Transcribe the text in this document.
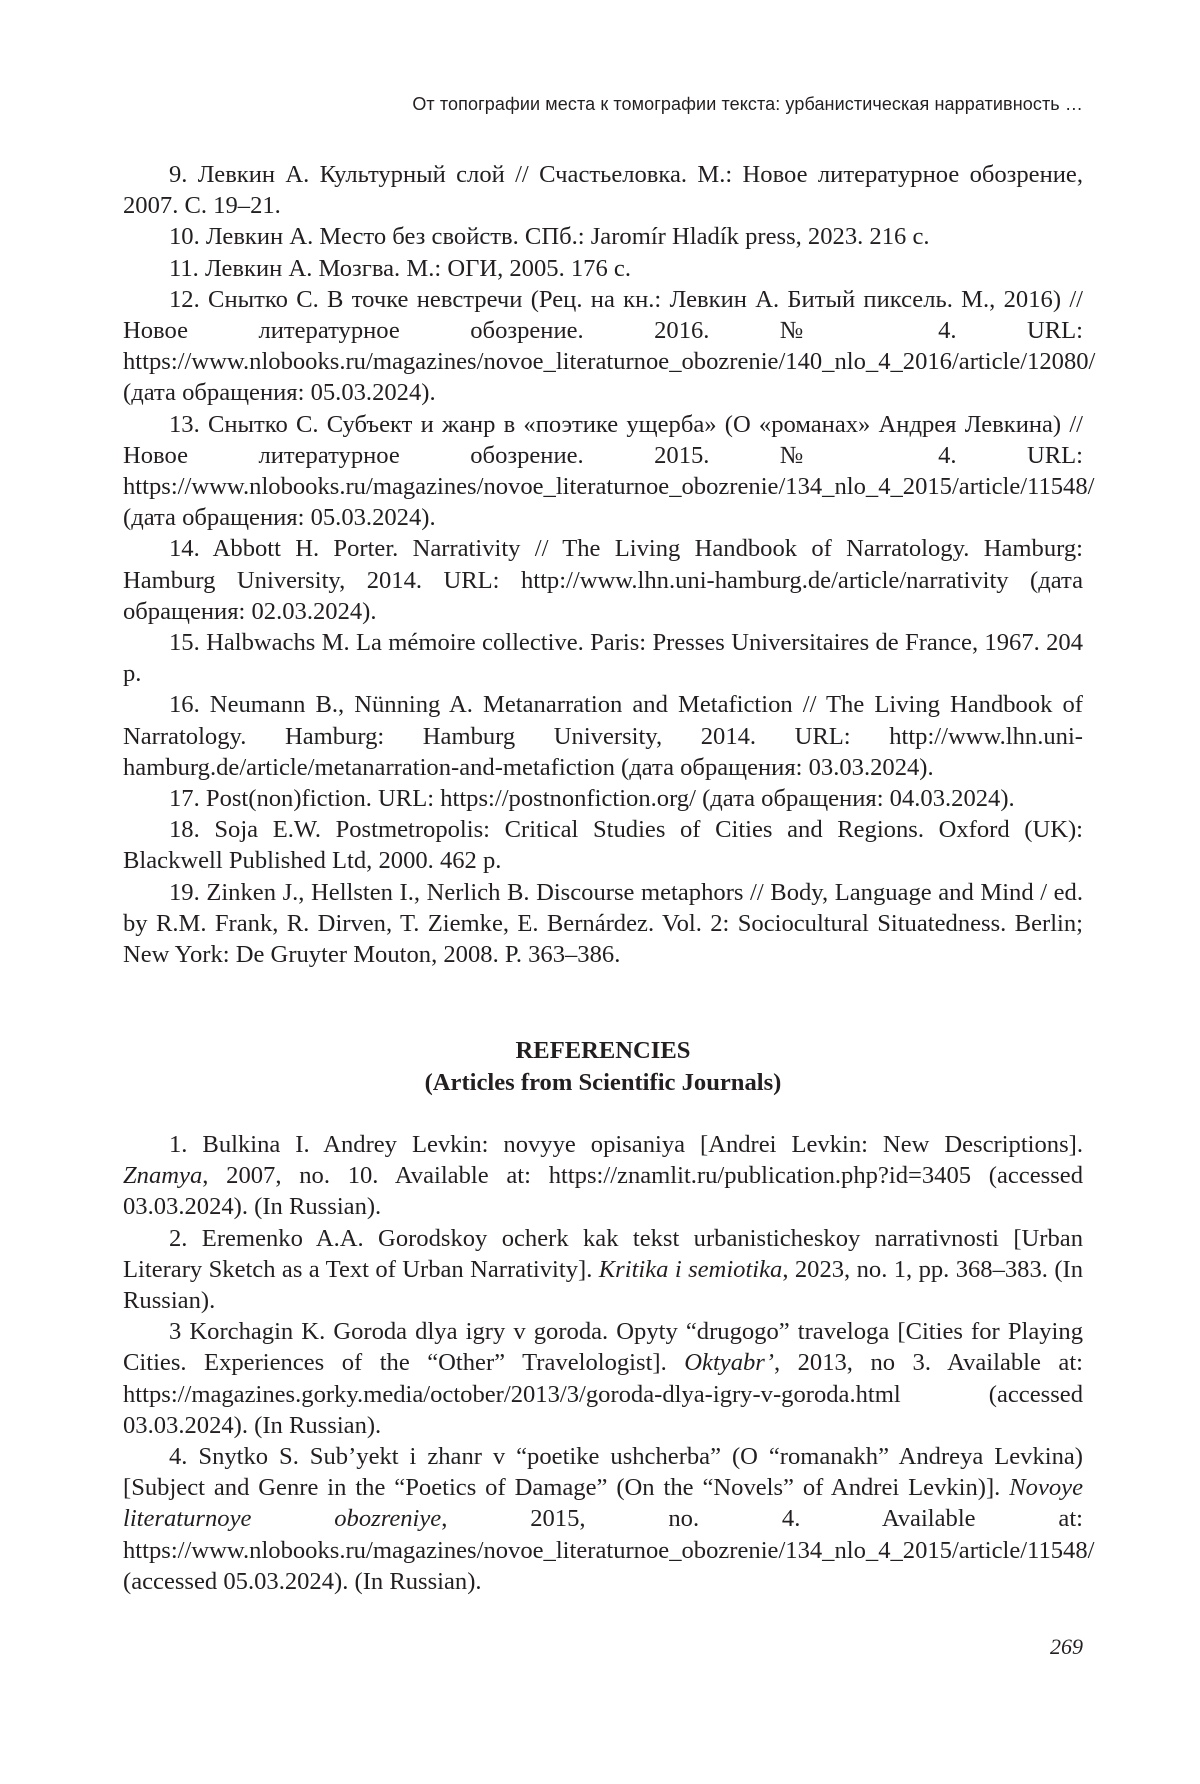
От топографии места к томографии текста: урбанистическая нарративность …

9. Левкин А. Культурный слой // Счастьеловка. М.: Новое литературное обозрение, 2007. С. 19–21.

10. Левкин А. Место без свойств. СПб.: Jaromír Hladík press, 2023. 216 с.

11. Левкин А. Мозгва. М.: ОГИ, 2005. 176 с.

12. Снытко С. В точке невстречи (Рец. на кн.: Левкин А. Битый пиксель. М., 2016) // Новое литературное обозрение. 2016. № 4. URL: https://www.nlobooks.ru/magazines/novoe_literaturnoe_obozrenie/140_nlo_4_2016/article/12080/ (дата обращения: 05.03.2024).

13. Снытко С. Субъект и жанр в «поэтике ущерба» (О «романах» Андрея Левкина) // Новое литературное обозрение. 2015. № 4. URL: https://www.nlobooks.ru/magazines/novoe_literaturnoe_obozrenie/134_nlo_4_2015/article/11548/ (дата обращения: 05.03.2024).

14. Abbott H. Porter. Narrativity // The Living Handbook of Narratology. Hamburg: Hamburg University, 2014. URL: http://www.lhn.uni-hamburg.de/article/narrativity (дата обращения: 02.03.2024).

15. Halbwachs M. La mémoire collective. Paris: Presses Universitaires de France, 1967. 204 p.

16. Neumann B., Nünning A. Metanarration and Metafiction // The Living Handbook of Narratology. Hamburg: Hamburg University, 2014. URL: http://www.lhn.uni-hamburg.de/article/metanarration-and-metafiction (дата обращения: 03.03.2024).

17. Post(non)fiction. URL: https://postnonfiction.org/ (дата обращения: 04.03.2024).

18. Soja E.W. Postmetropolis: Critical Studies of Cities and Regions. Oxford (UK): Blackwell Published Ltd, 2000. 462 p.

19. Zinken J., Hellsten I., Nerlich B. Discourse metaphors // Body, Language and Mind / ed. by R.M. Frank, R. Dirven, T. Ziemke, E. Bernárdez. Vol. 2: Sociocultural Situatedness. Berlin; New York: De Gruyter Mouton, 2008. P. 363–386.

REFERENCIES
(Articles from Scientific Journals)

1. Bulkina I. Andrey Levkin: novyye opisaniya [Andrei Levkin: New Descriptions]. Znamya, 2007, no. 10. Available at: https://znamlit.ru/publication.php?id=3405 (accessed 03.03.2024). (In Russian).

2. Eremenko A.A. Gorodskoy ocherk kak tekst urbanisticheskoy narrativnosti [Urban Literary Sketch as a Text of Urban Narrativity]. Kritika i semiotika, 2023, no. 1, pp. 368–383. (In Russian).

3 Korchagin K. Goroda dlya igry v goroda. Opyty “drugogo” traveloga [Cities for Playing Cities. Experiences of the “Other” Travelologist]. Oktyabr’, 2013, no 3. Available at: https://magazines.gorky.media/october/2013/3/goroda-dlya-igry-v-goroda.html (accessed 03.03.2024). (In Russian).

4. Snytko S. Sub’yekt i zhanr v “poetike ushcherba” (O “romanakh” Andreya Levkina) [Subject and Genre in the “Poetics of Damage” (On the “Novels” of Andrei Levkin)]. Novoye literaturnoye obozreniye, 2015, no. 4. Available at: https://www.nlobooks.ru/magazines/novoe_literaturnoe_obozrenie/134_nlo_4_2015/article/11548/ (accessed 05.03.2024). (In Russian).

269
